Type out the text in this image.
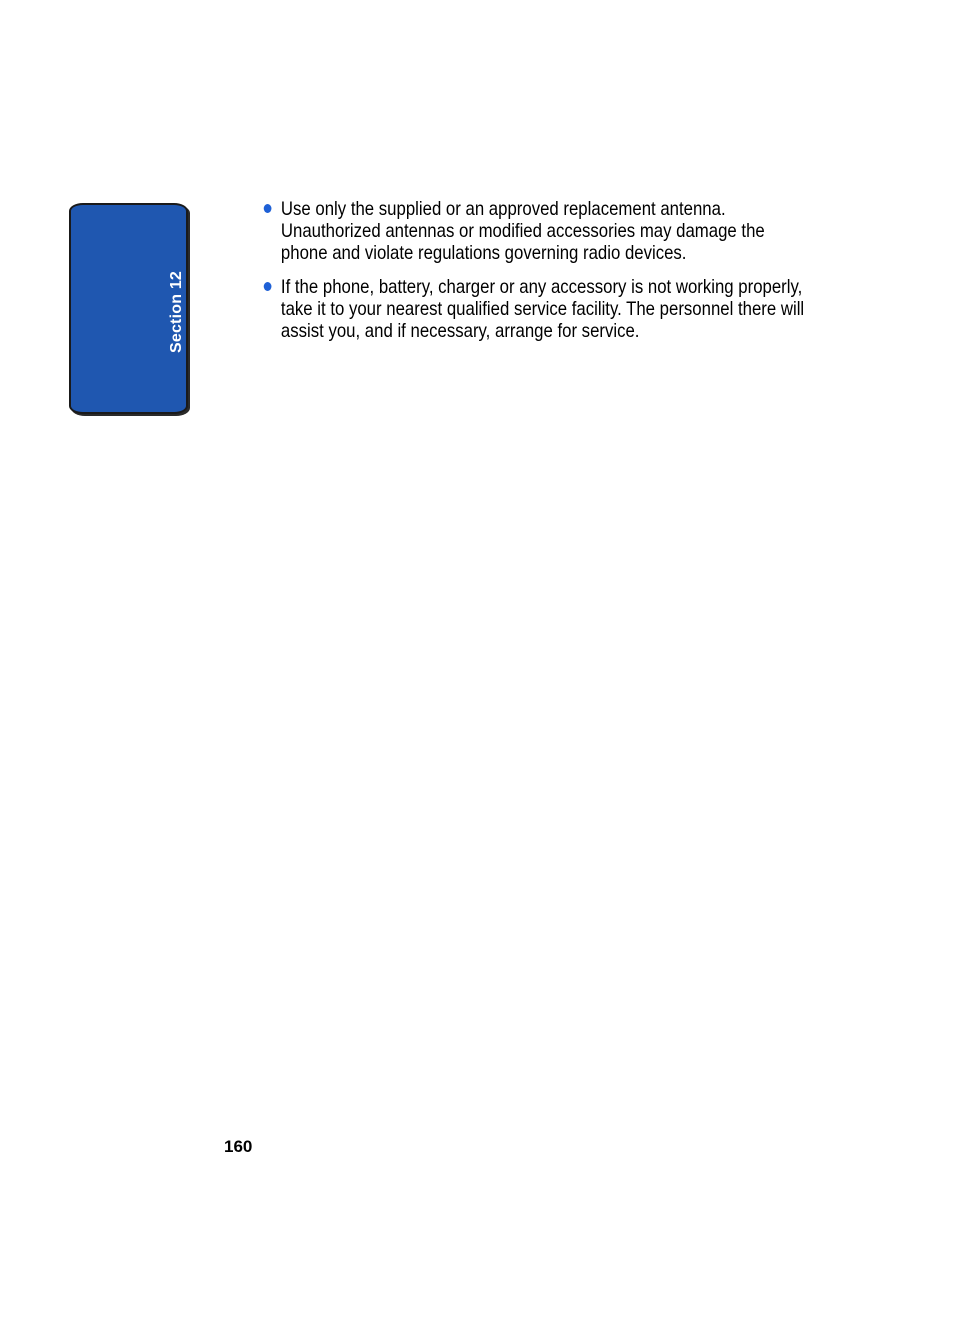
Section 12
Use only the supplied or an approved replacement antenna. Unauthorized antennas or modified accessories may damage the phone and violate regulations governing radio devices.
If the phone, battery, charger or any accessory is not working properly, take it to your nearest qualified service facility. The personnel there will assist you, and if necessary, arrange for service.
160
